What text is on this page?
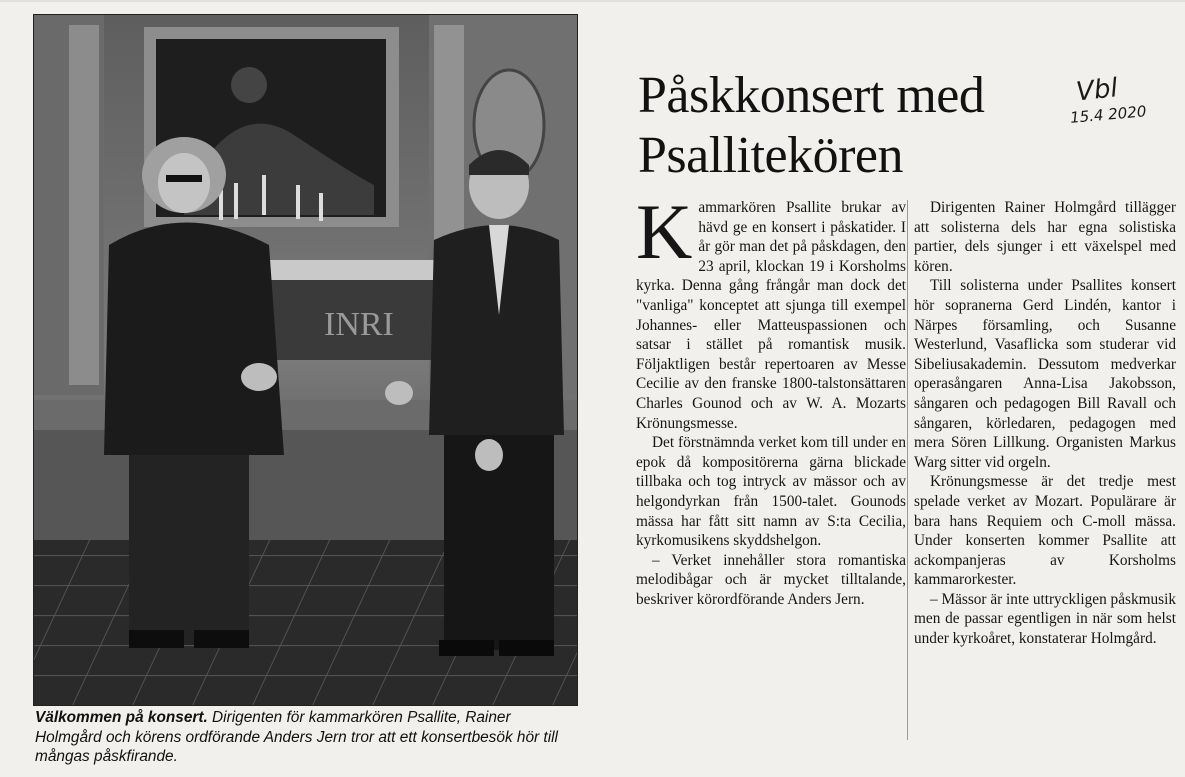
INRI
Välkommen på konsert. Dirigenten för kammarkören Psallite, Rainer Holmgård och körens ordförande Anders Jern tror att ett konsertbesök hör till mångas påskfirande.
Påskkonsert med
Psallitekören
Vbl
15.4 2020

Kammarkören Psallite brukar av hävd ge en konsert i påskatider. I år gör man det på påskdagen, den 23 april, klockan 19 i Korsholms kyrka. Denna gång frångår man dock det "vanliga" konceptet att sjunga till exempel Johannes- eller Matteuspassionen och satsar i stället på romantisk musik. Följaktligen består repertoaren av Messe Cecilie av den franske 1800-talstonsättaren Charles Gounod och av W. A. Mozarts Krönungsmesse.

Det förstnämnda verket kom till under en epok då kompositörerna gärna blickade tillbaka och tog intryck av mässor och av helgondyrkan från 1500-talet. Gounods mässa har fått sitt namn av S:ta Cecilia, kyrkomusikens skyddshelgon.

– Verket innehåller stora romantiska melodibågar och är mycket tilltalande, beskriver körordförande Anders Jern.

Dirigenten Rainer Holmgård tillägger att solisterna dels har egna solistiska partier, dels sjunger i ett växelspel med kören.

Till solisterna under Psallites konsert hör sopranerna Gerd Lindén, kantor i Närpes församling, och Susanne Westerlund, Vasaflicka som studerar vid Sibeliusakademin. Dessutom medverkar operasångaren Anna-Lisa Jakobsson, sångaren och pedagogen Bill Ravall och sångaren, körledaren, pedagogen med mera Sören Lillkung. Organisten Markus Warg sitter vid orgeln.

Krönungsmesse är det tredje mest spelade verket av Mozart. Populärare är bara hans Requiem och C-moll mässa. Under konserten kommer Psallite att ackompanjeras av Korsholms kammarorkester.

– Mässor är inte uttryckligen påskmusik men de passar egentligen in när som helst under kyrkoåret, konstaterar Holmgård.
